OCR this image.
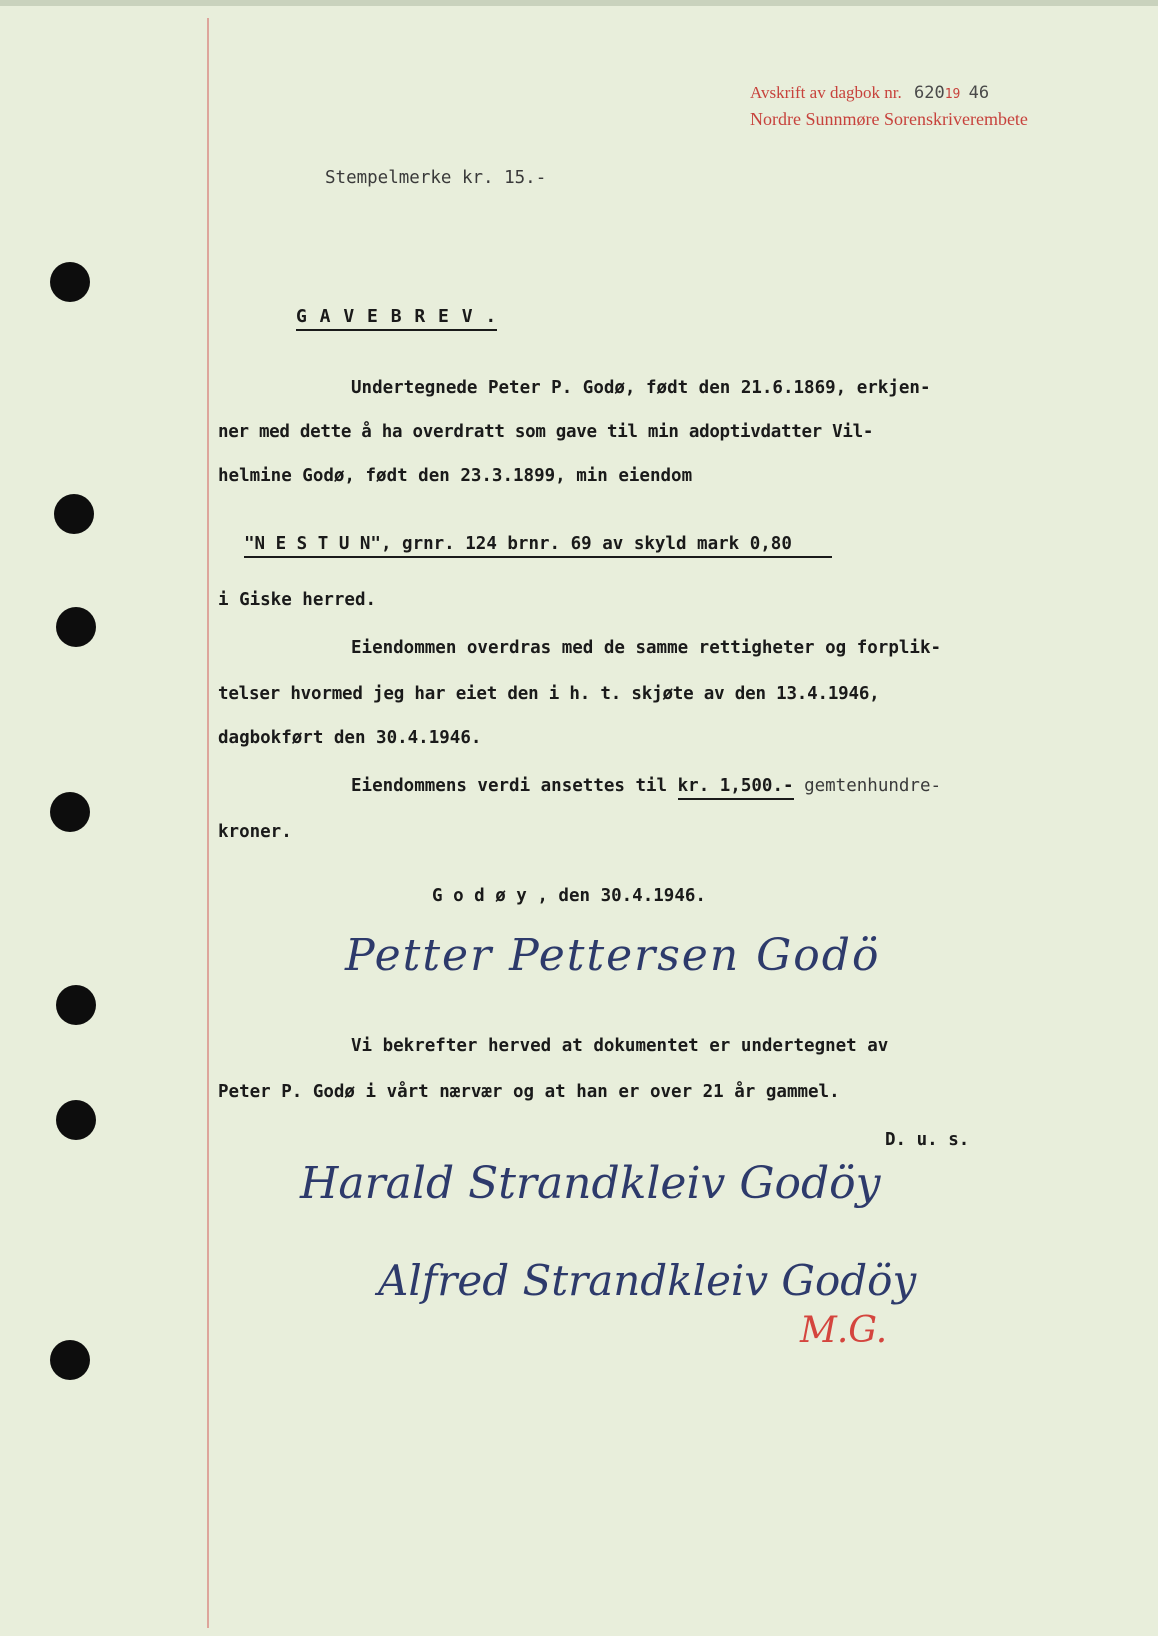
Avskrift av dagbok nr. 62019 46
Nordre Sunnmøre Sorenskriverembete
Stempelmerke kr. 15.-
G A V E B R E V .
Undertegnede Peter P. Godø, født den 21.6.1869, erkjen-
ner med dette å ha overdratt som gave til min adoptivdatter Vil-
helmine Godø, født den 23.3.1899, min eiendom
"N E S T U N", grnr. 124 brnr. 69 av skyld mark 0,80
i Giske herred.
Eiendommen overdras med de samme rettigheter og forplik-
telser hvormed jeg har eiet den i h. t. skjøte av den 13.4.1946,
dagbokført den 30.4.1946.
Eiendommens verdi ansettes til kr. 1,500.- gemtenhundre-
kroner.
G o d ø y , den 30.4.1946.
Petter Pettersen Godö
Vi bekrefter herved at dokumentet er undertegnet av
Peter P. Godø i vårt nærvær og at han er over 21 år gammel.
D. u. s.
Harald Strandkleiv Godöy
Alfred Strandkleiv Godöy
M.G.
